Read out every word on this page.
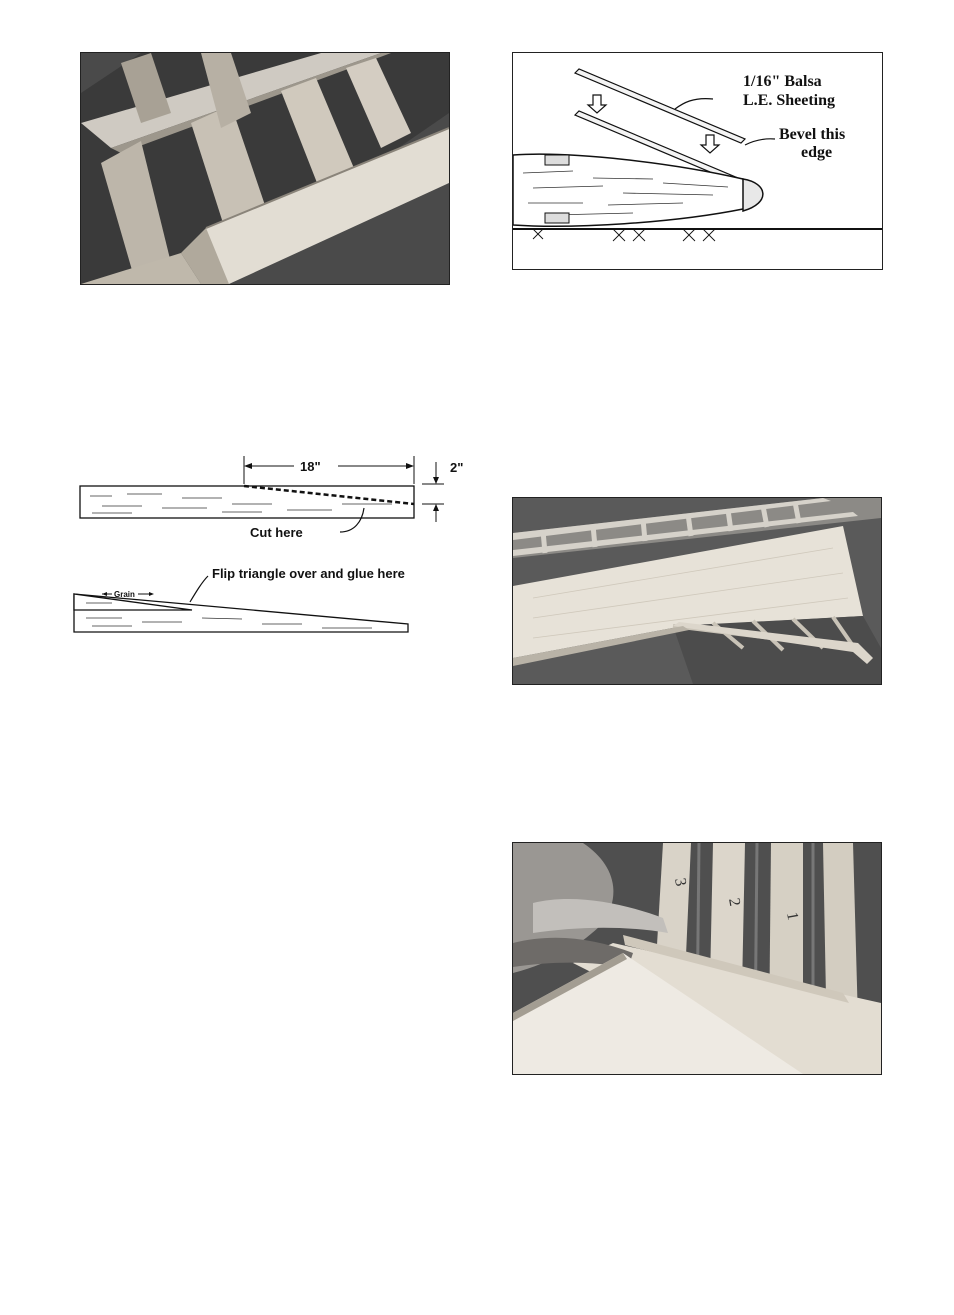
1/16" Balsa
L.E. Sheeting
Bevel this
edge
18"	2"
Cut here
Grain
Flip triangle over and glue here
3
2
1
